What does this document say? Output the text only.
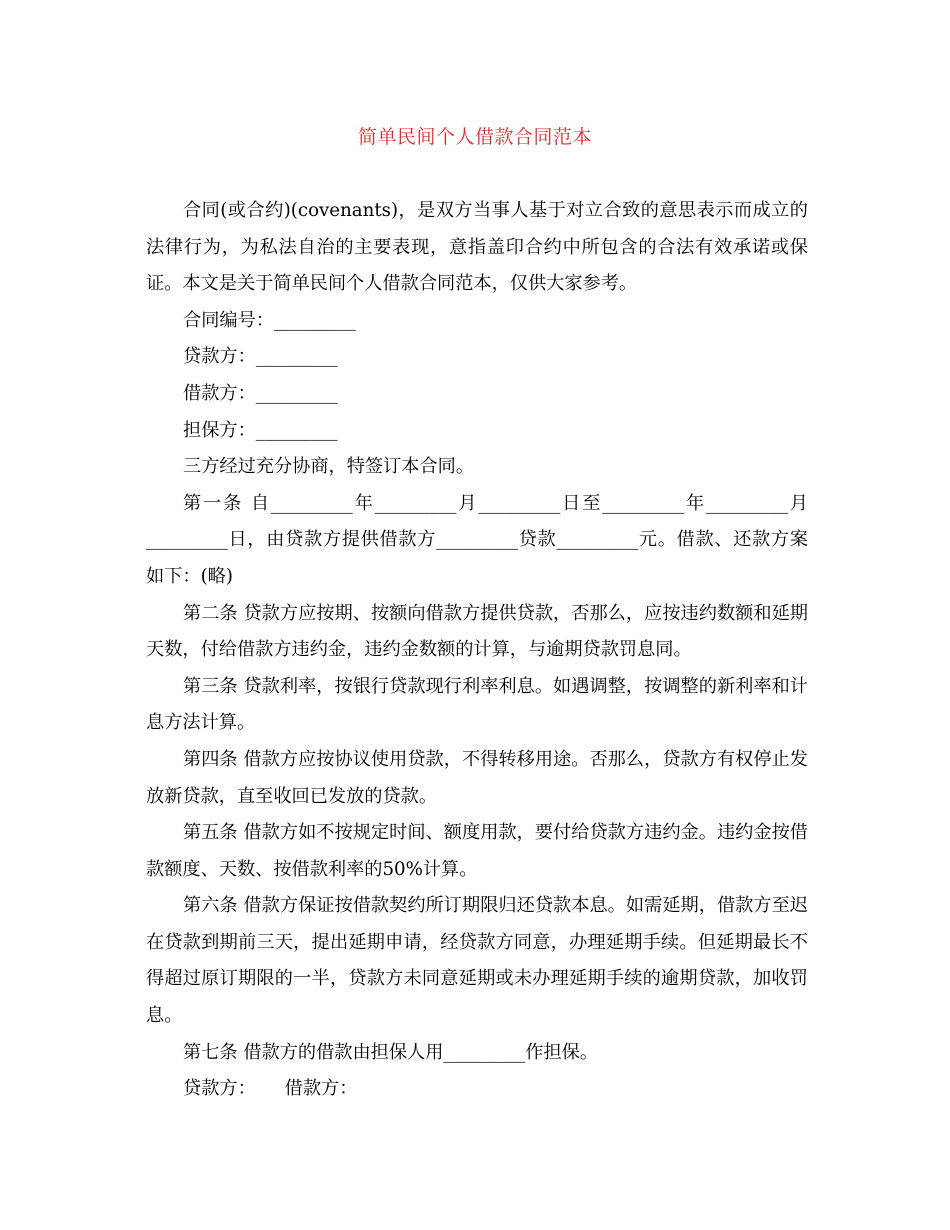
简单民间个人借款合同范本

合同(或合约)(covenants)，是双方当事人基于对立合致的意思表示而成立的法律行为，为私法自治的主要表现，意指盖印合约中所包含的合法有效承诺或保证。本文是关于简单民间个人借款合同范本，仅供大家参考。

合同编号：_________

贷款方：_________

借款方：_________

担保方：_________

三方经过充分协商，特签订本合同。

第一条 自_________年_________月_________日至_________年_________月_________日，由贷款方提供借款方_________贷款_________元。借款、还款方案如下：(略)

第二条 贷款方应按期、按额向借款方提供贷款，否那么，应按违约数额和延期天数，付给借款方违约金，违约金数额的计算，与逾期贷款罚息同。

第三条 贷款利率，按银行贷款现行利率利息。如遇调整，按调整的新利率和计息方法计算。

第四条 借款方应按协议使用贷款，不得转移用途。否那么，贷款方有权停止发放新贷款，直至收回已发放的贷款。

第五条 借款方如不按规定时间、额度用款，要付给贷款方违约金。违约金按借款额度、天数、按借款利率的50%计算。

第六条 借款方保证按借款契约所订期限归还贷款本息。如需延期，借款方至迟在贷款到期前三天，提出延期申请，经贷款方同意，办理延期手续。但延期最长不得超过原订期限的一半，贷款方未同意延期或未办理延期手续的逾期贷款，加收罚息。

第七条 借款方的借款由担保人用_________作担保。

贷款方：     借款方：
